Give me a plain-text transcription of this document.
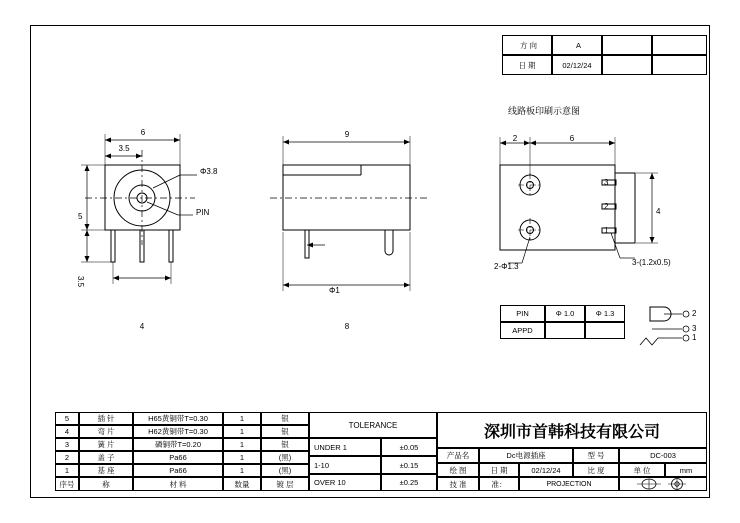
方 向	A
日 期	02/12/24
6
3.5
5
3.5
4
Φ3.8
PIN
9
8
Φ1
线路板印刷示意图
2	6
4
2-Φ1.3	3-(1.2x0.5)
3
2
1
PIN	Φ 1.0	Φ 1.3
APPD
2
3
1
5	插 针	H65黄铜带T=0.30	1	银
4	弯 片	H62黄铜带T=0.30	1	银
3	簧 片	磷铜带T=0.20	1	银
2	盖 子	Pa66	1	(黑)
1	基 座	Pa66	1	(黑)
序号	称	材 料	数量	镀 层
TOLERANCE
UNDER 1	±0.05
1-10	±0.15
OVER 10	±0.25
深圳市首韩科技有限公司
产品名	Dc电源插座	型 号	DC-003
绘 图	日 期	02/12/24	比 度	单 位	mm
技 准	准：	PROJECTION
